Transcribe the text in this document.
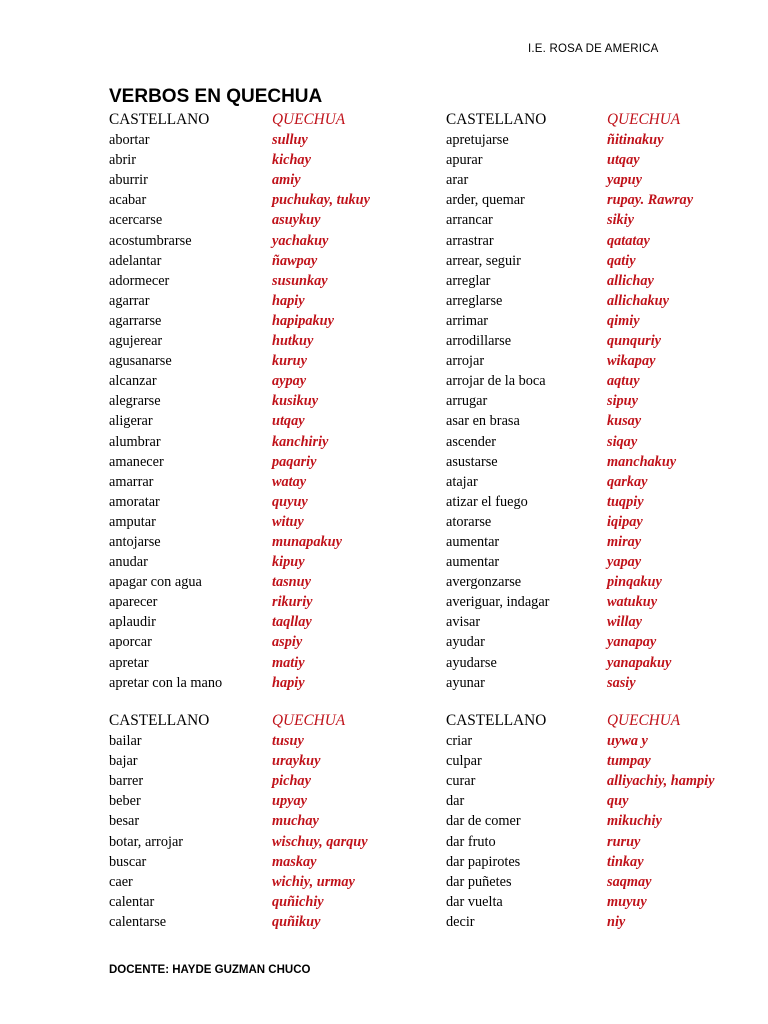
I.E. ROSA DE AMERICA
VERBOS EN QUECHUA
CASTELLANO	QUECHUA
abortar	sulluy
abrir	kichay
aburrir	amiy
acabar	puchukay, tukuy
acercarse	asuykuy
acostumbrarse	yachakuy
adelantar	ñawpay
adormecer	susunkay
agarrar	hapiy
agarrarse	hapipakuy
agujerear	hutkuy
agusanarse	kuruy
alcanzar	aypay
alegrarse	kusikuy
aligerar	utqay
alumbrar	kanchiriy
amanecer	paqariy
amarrar	watay
amoratar	quyuy
amputar	wituy
antojarse	munapakuy
anudar	kipuy
apagar con agua	tasnuy
aparecer	rikuriy
aplaudir	taqllay
aporcar	aspiy
apretar	matiy
apretar con la mano	hapiy
CASTELLANO	QUECHUA
apretujarse	ñitinakuy
apurar	utqay
arar	yapuy
arder, quemar	rupay. Rawray
arrancar	sikiy
arrastrar	qatatay
arrear, seguir	qatiy
arreglar	allichay
arreglarse	allichakuy
arrimar	qimiy
arrodillarse	qunquriy
arrojar	wikapay
arrojar de la boca	aqtuy
arrugar	sipuy
asar en brasa	kusay
ascender	siqay
asustarse	manchakuy
atajar	qarkay
atizar el fuego	tuqpiy
atorarse	iqipay
aumentar	miray
aumentar	yapay
avergonzarse	pinqakuy
averiguar, indagar	watukuy
avisar	willay
ayudar	yanapay
ayudarse	yanapakuy
ayunar	sasiy
CASTELLANO	QUECHUA
bailar	tusuy
bajar	uraykuy
barrer	pichay
beber	upyay
besar	muchay
botar, arrojar	wischuy, qarquy
buscar	maskay
caer	wichiy, urmay
calentar	quñichiy
calentarse	quñikuy
CASTELLANO	QUECHUA
criar	uywa y
culpar	tumpay
curar	alliyachiy, hampiy
dar	quy
dar de comer	mikuchiy
dar fruto	ruruy
dar papirotes	tinkay
dar puñetes	saqmay
dar vuelta	muyuy
decir	niy
DOCENTE: HAYDE GUZMAN CHUCO
